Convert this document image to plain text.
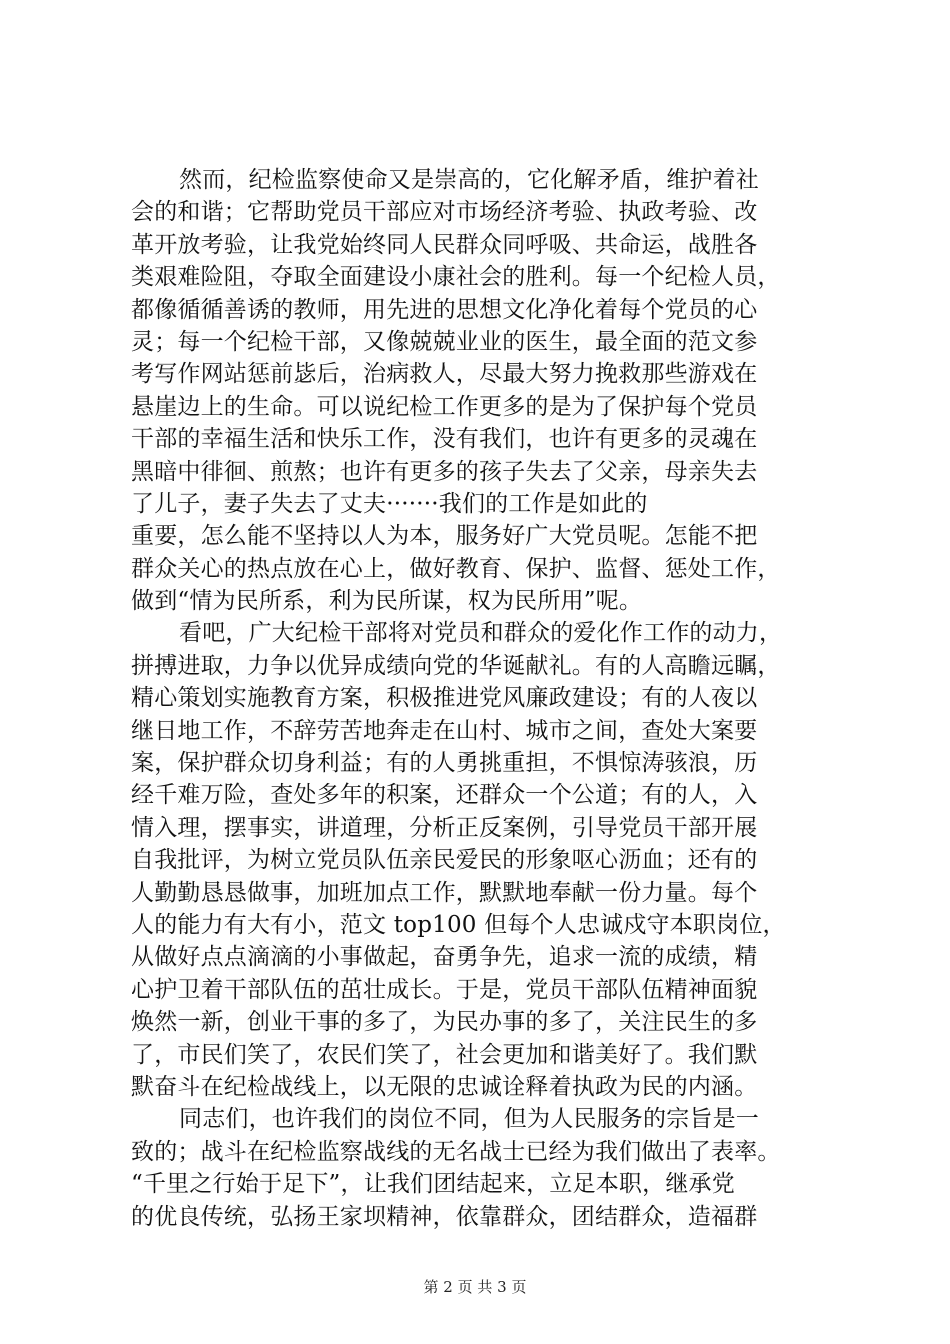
然而，纪检监察使命又是崇高的，它化解矛盾，维护着社
会的和谐；它帮助党员干部应对市场经济考验、执政考验、改
革开放考验，让我党始终同人民群众同呼吸、共命运，战胜各
类艰难险阻，夺取全面建设小康社会的胜利。每一个纪检人员，
都像循循善诱的教师，用先进的思想文化净化着每个党员的心
灵；每一个纪检干部，又像兢兢业业的医生，最全面的范文参
考写作网站惩前毖后，治病救人，尽最大努力挽救那些游戏在
悬崖边上的生命。可以说纪检工作更多的是为了保护每个党员
干部的幸福生活和快乐工作，没有我们，也许有更多的灵魂在
黑暗中徘徊、煎熬；也许有更多的孩子失去了父亲，母亲失去
了儿子，妻子失去了丈夫·······我们的工作是如此的
重要，怎么能不坚持以人为本，服务好广大党员呢。怎能不把
群众关心的热点放在心上，做好教育、保护、监督、惩处工作，
做到“情为民所系，利为民所谋，权为民所用”呢。
看吧，广大纪检干部将对党员和群众的爱化作工作的动力，
拼搏进取，力争以优异成绩向党的华诞献礼。有的人高瞻远瞩，
精心策划实施教育方案，积极推进党风廉政建设；有的人夜以
继日地工作，不辞劳苦地奔走在山村、城市之间，查处大案要
案，保护群众切身利益；有的人勇挑重担，不惧惊涛骇浪，历
经千难万险，查处多年的积案，还群众一个公道；有的人，入
情入理，摆事实，讲道理，分析正反案例，引导党员干部开展
自我批评，为树立党员队伍亲民爱民的形象呕心沥血；还有的
人勤勤恳恳做事，加班加点工作，默默地奉献一份力量。每个
人的能力有大有小，范文 top100 但每个人忠诚戍守本职岗位，
从做好点点滴滴的小事做起，奋勇争先，追求一流的成绩，精
心护卫着干部队伍的茁壮成长。于是，党员干部队伍精神面貌
焕然一新，创业干事的多了，为民办事的多了，关注民生的多
了，市民们笑了，农民们笑了，社会更加和谐美好了。我们默
默奋斗在纪检战线上，以无限的忠诚诠释着执政为民的内涵。
同志们，也许我们的岗位不同，但为人民服务的宗旨是一
致的；战斗在纪检监察战线的无名战士已经为我们做出了表率。
“千里之行始于足下”，让我们团结起来，立足本职，继承党
的优良传统，弘扬王家坝精神，依靠群众，团结群众，造福群
第 2 页 共 3 页
